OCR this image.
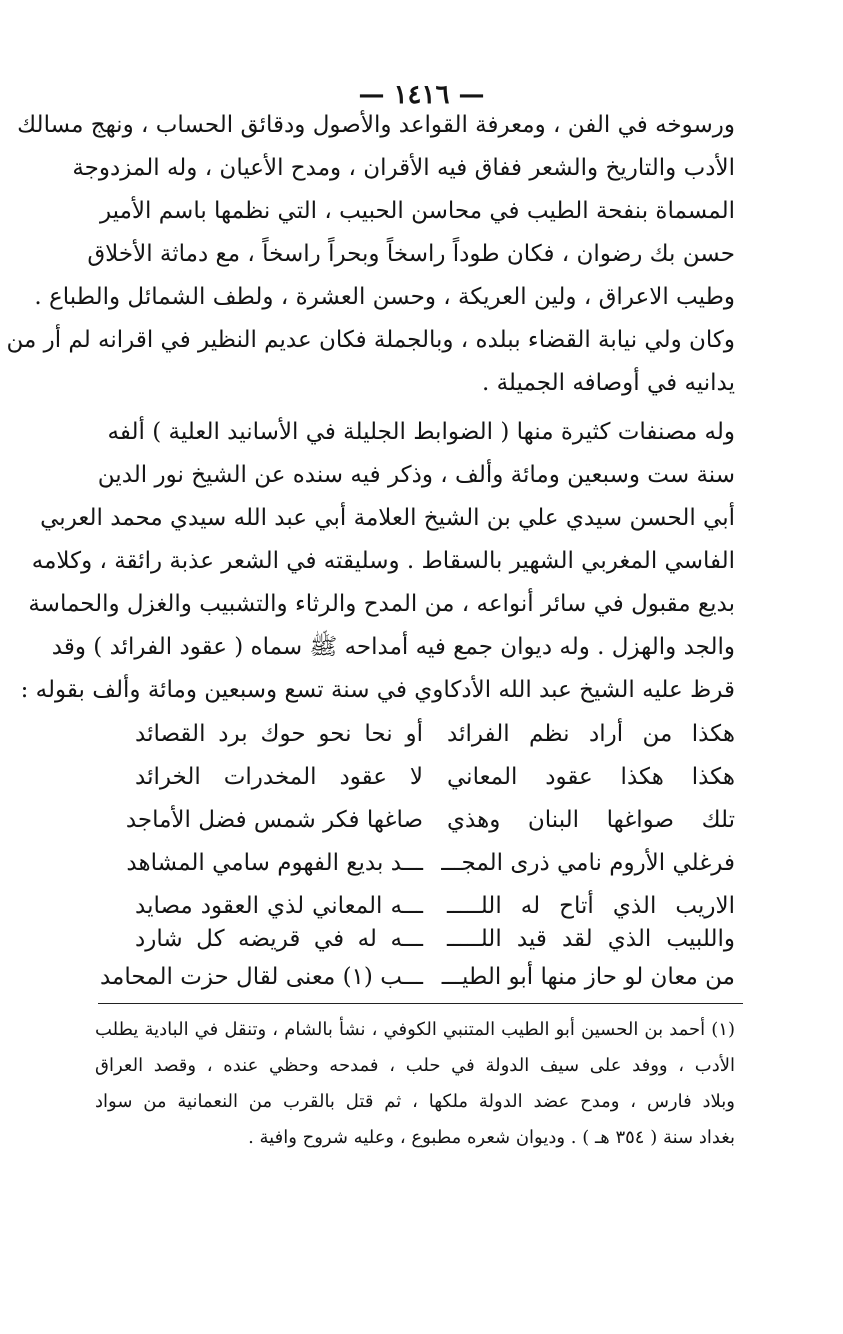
— ١٤١٦ —
ورسوخه في الفن ، ومعرفة القواعد والأصول ودقائق الحساب ، ونهج مسالك
الأدب والتاريخ والشعر ففاق فيه الأقران ، ومدح الأعيان ، وله المزدوجة
المسماة بنفحة الطيب في محاسن الحبيب ، التي نظمها باسم الأمير
حسن بك رضوان ، فكان طوداً راسخاً وبحراً راسخاً ، مع دماثة الأخلاق
وطيب الاعراق ، ولين العريكة ، وحسن العشرة ، ولطف الشمائل والطباع .
وكان ولي نيابة القضاء ببلده ، وبالجملة فكان عديم النظير في اقرانه لم أر من
يدانيه في أوصافه الجميلة .
وله مصنفات كثيرة منها ( الضوابط الجليلة في الأسانيد العلية ) ألفه
سنة ست وسبعين ومائة وألف ، وذكر فيه سنده عن الشيخ نور الدين
أبي الحسن سيدي علي بن الشيخ العلامة أبي عبد الله سيدي محمد العربي
الفاسي المغربي الشهير بالسقاط . وسليقته في الشعر عذبة رائقة ، وكلامه
بديع مقبول في سائر أنواعه ، من المدح والرثاء والتشبيب والغزل والحماسة
والجد والهزل . وله ديوان جمع فيه أمداحه ﷺ سماه ( عقود الفرائد ) وقد
قرظ عليه الشيخ عبد الله الأدكاوي في سنة تسع وسبعين ومائة وألف بقوله :
هكذا من أراد نظم الفرائد
أو نحا نحو حوك برد القصائد
هكذا هكذا عقود المعاني
لا عقود المخدرات الخرائد
تلك صواغها البنان وهذي
صاغها فكر شمس فضل الأماجد
فرغلي الأروم نامي ذرى المجـــ
ـــد بديع الفهوم سامي المشاهد
الاريب الذي أتاح له اللـــــ
ـــه المعاني لذي العقود مصايد
واللبيب الذي لقد قيد اللـــــ
ـــه له في قريضه كل شارد
من معان لو حاز منها أبو الطيـــ
ـــب (١) معنى لقال حزت المحامد
(١) أحمد بن الحسين أبو الطيب المتنبي الكوفي ، نشأ بالشام ، وتنقل في البادية يطلب
الأدب ، ووفد على سيف الدولة في حلب ، فمدحه وحظي عنده ، وقصد العراق
وبلاد فارس ، ومدح عضد الدولة ملكها ، ثم قتل بالقرب من النعمانية من سواد
بغداد سنة ( ٣٥٤ هـ ) . وديوان شعره مطبوع ، وعليه شروح وافية .
